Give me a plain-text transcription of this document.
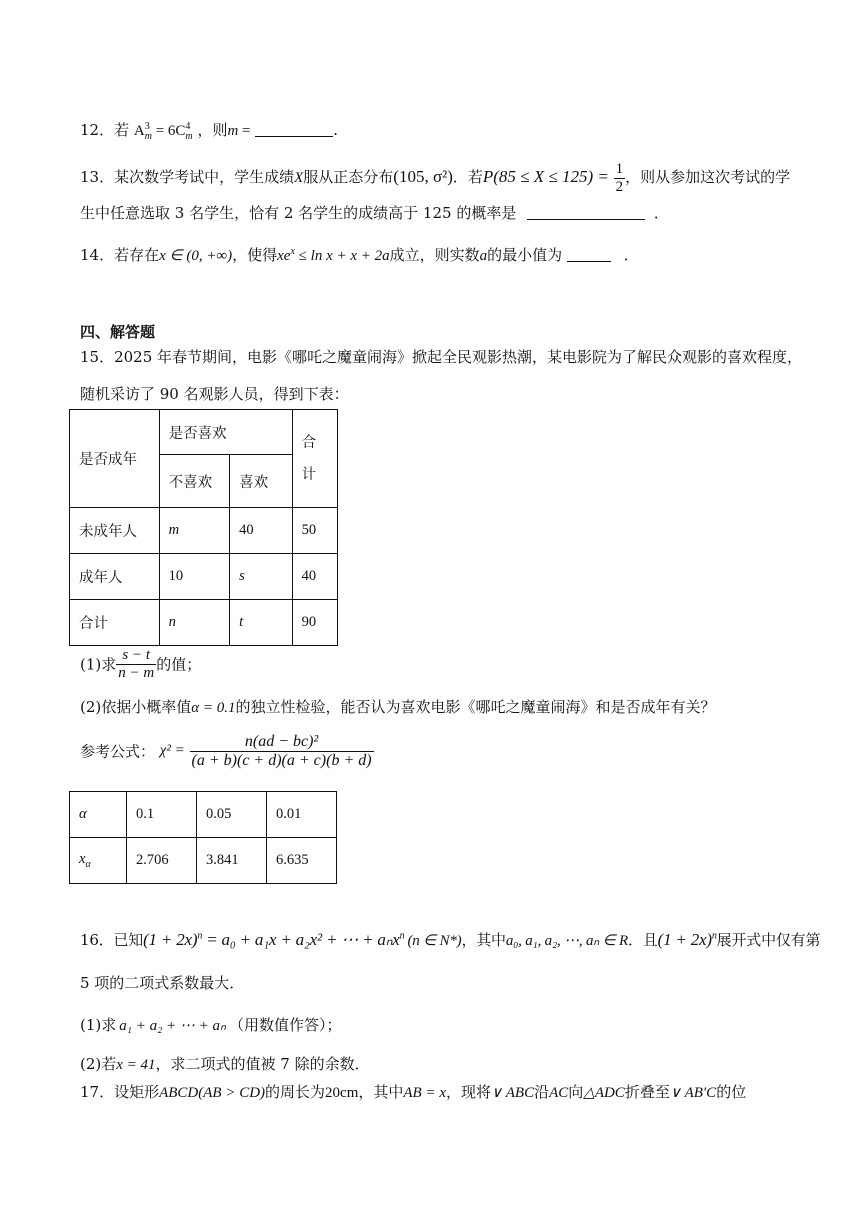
12．若 $A^3_m = 6C^4_m$ ，则m =	.
13．某次数学考试中，学生成绩X服从正态分布(105, σ²)．若$P(85 \le X \le 125) = \frac{1}{2}$ ，则从参加这次考试的学
生中任意选取 3 名学生，恰有 2 名学生的成绩高于 125 的概率是	．
14．若存在x ∈ (0, +∞)，使得$xe^x \le \ln x + x + 2a$成立，则实数a的最小值为	．
四、解答题
15．2025 年春节期间，电影《哪吒之魔童闹海》掀起全民观影热潮，某电影院为了解民众观影的喜欢程度，
随机采访了 90 名观影人员，得到下表：
是否成年	是否喜欢		合
计
	不喜欢	喜欢	
未成年人	m	40	50
成年人	10	s	40
合计	n	t	90
(1)求 $\frac{s - t}{n - m}$ 的值；
(2)依据小概率值α = 0.1的独立性检验，能否认为喜欢电影《哪吒之魔童闹海》和是否成年有关？
参考公式： $\chi^2 = \frac{\text{n(ad − bc)²}}{(a + b)(c + d)(a + c)(b + d)}$
α	0.1	0.05	0.01
$x_\alpha$	2.706	3.841	6.635
16．已知$(1 + 2x)^n = a_0 + a_1x + a_2x^2$ + ⋯ + aₙx$^n$ (n ∈ N*)，其中a₀, a₁, a₂, ⋯, aₙ ∈ R．且$(1 + 2x)^n$展开式中仅有第
5 项的二项式系数最大．
(1)求 a₁ + a₂ + ⋯ + aₙ （用数值作答）；
(2)若x = 41，求二项式的值被 7 除的余数．
17．设矩形ABCD(AB > CD)的周长为20cm，其中AB = x，现将∨ ABC沿AC向△ADC折叠至∨ AB′C的位
